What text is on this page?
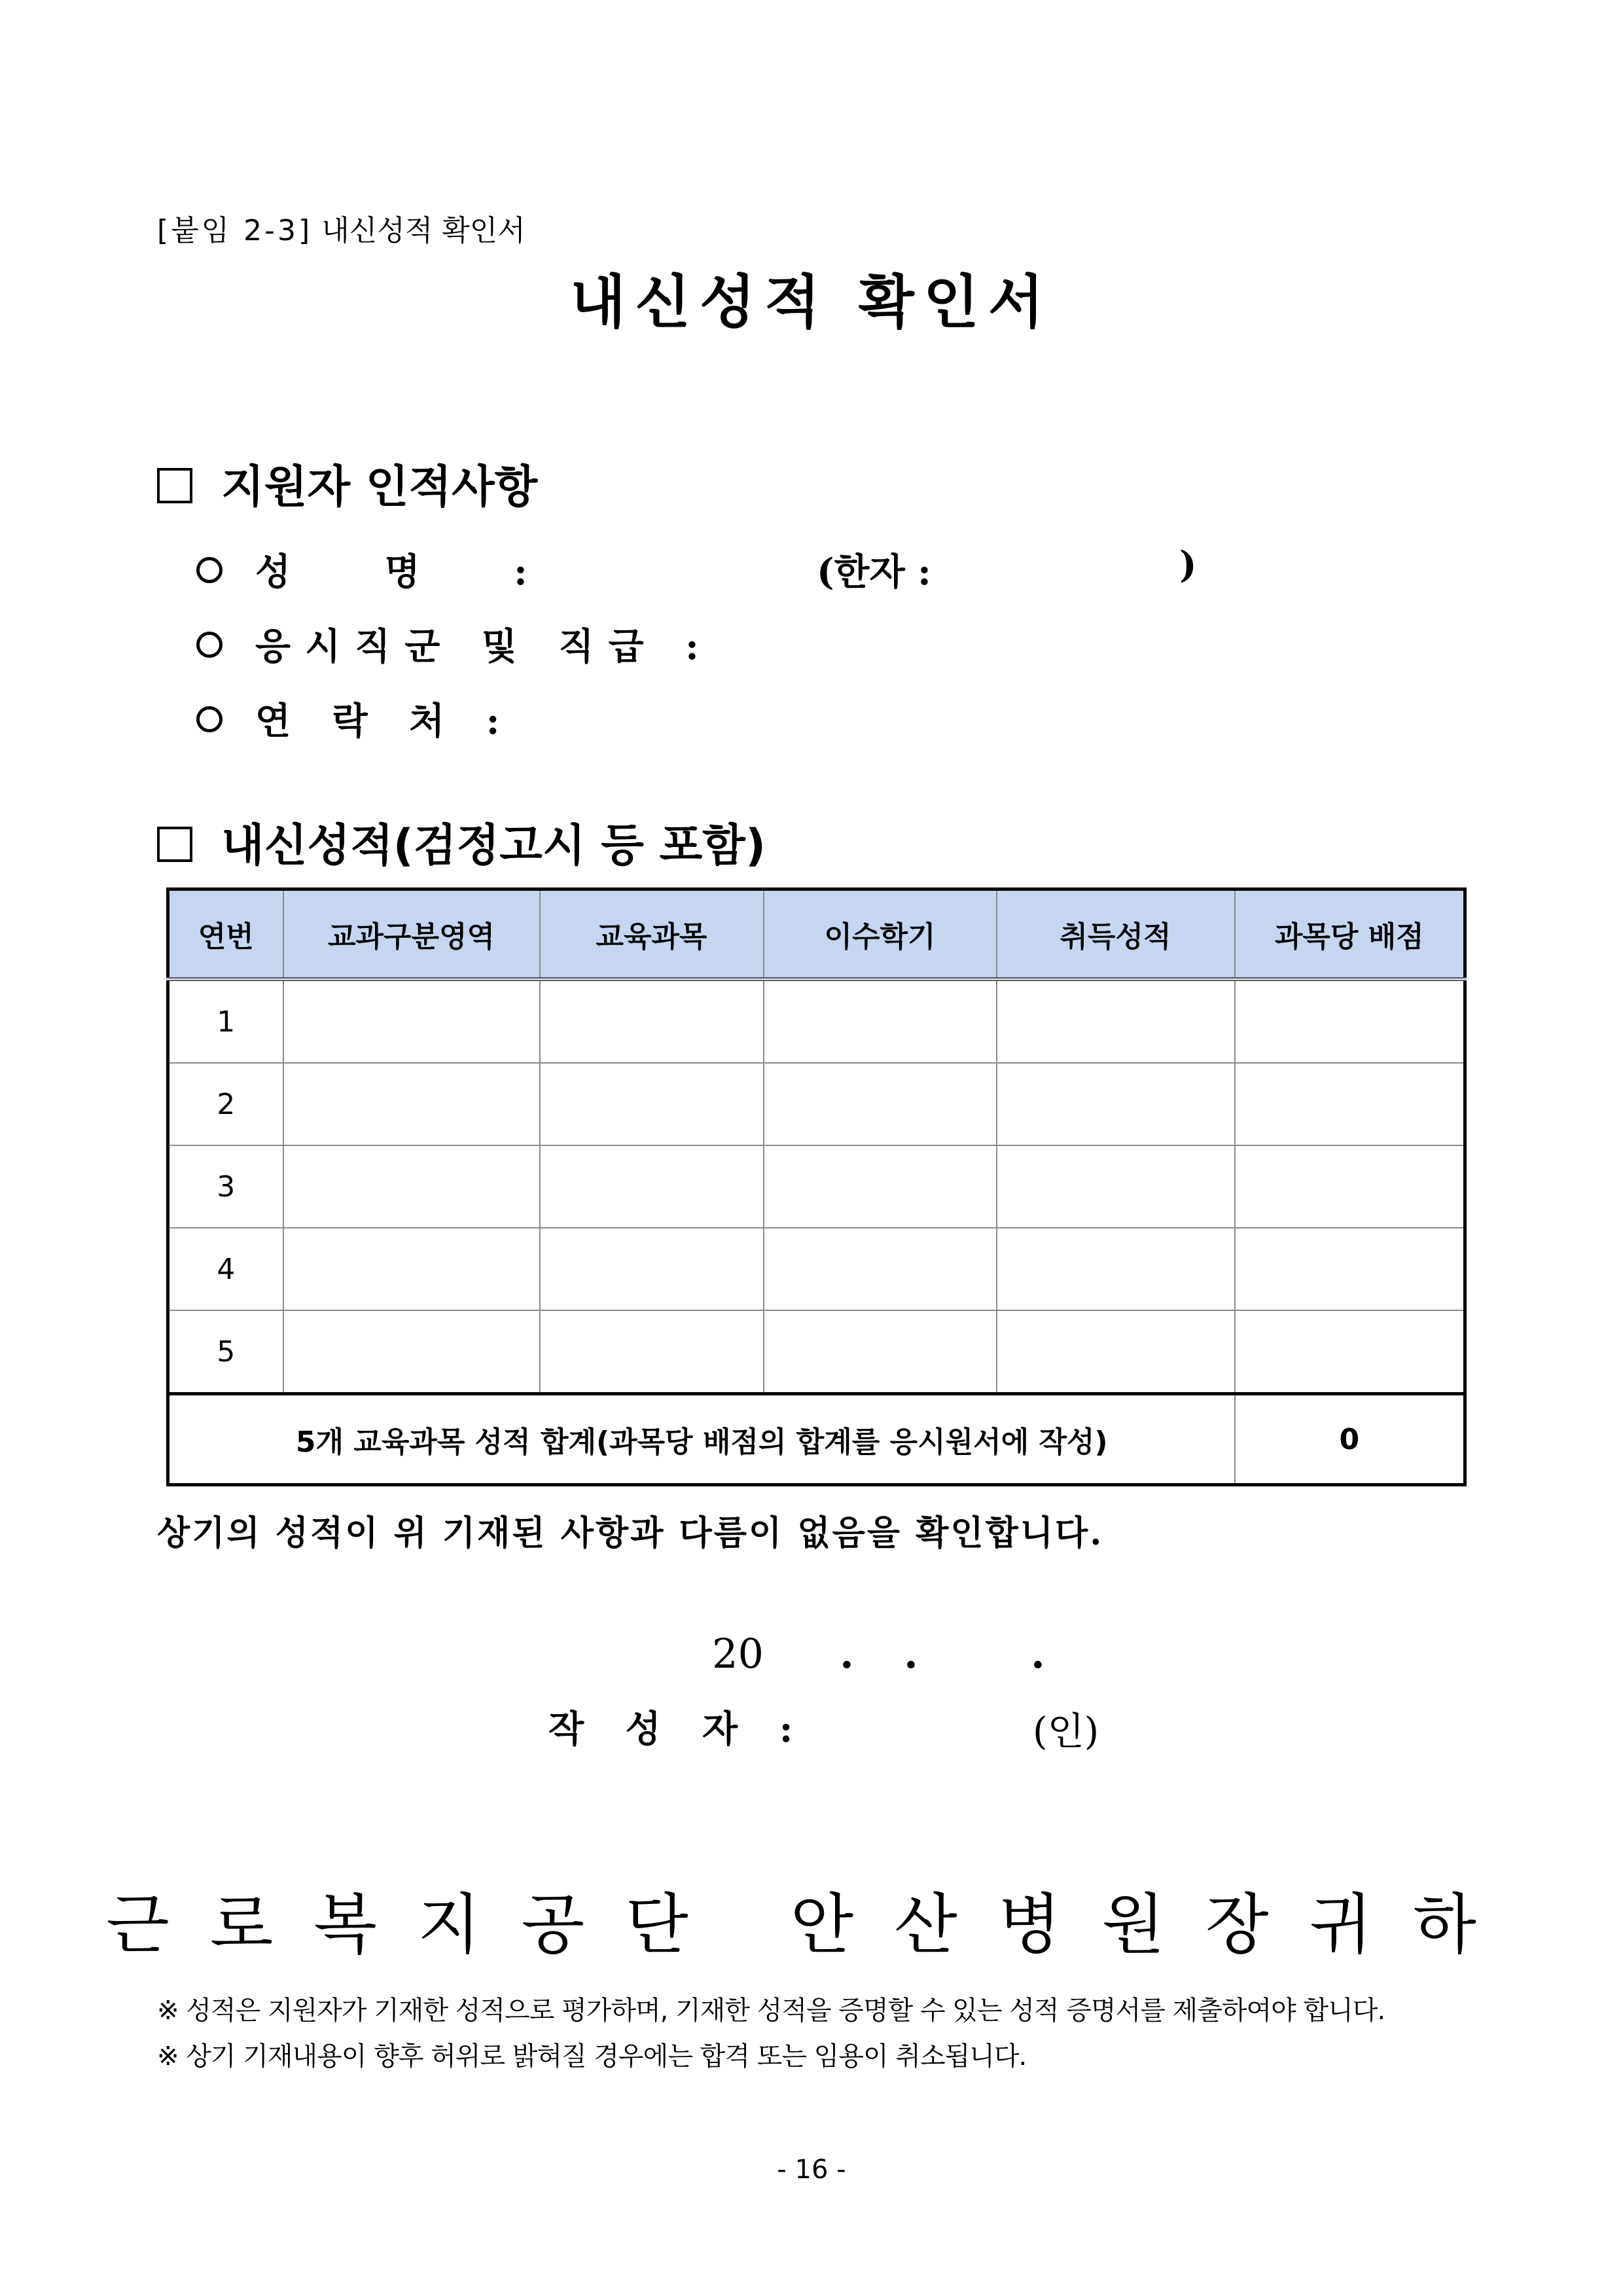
[붙임 2-3] 내신성적 확인서
내신성적 확인서
지원자 인적사항
성 명 :	(한자 :	)
응시직군 및 직급 :
연 락 처 :
내신성적(검정고시 등 포함)
연번	교과구분영역	교육과목	이수학기	취득성적	과목당 배점
1					
2					
3					
4					
5					
5개 교육과목 성적 합계(과목당 배점의 합계를 응시원서에 작성)					0
상기의 성적이 위 기재된 사항과 다름이 없음을 확인합니다.
20 . .	.
작 성 자 :	(인)
근로복지공단 안산병원장귀하
※ 성적은 지원자가 기재한 성적으로 평가하며, 기재한 성적을 증명할 수 있는 성적 증명서를 제출하여야 합니다.
※ 상기 기재내용이 향후 허위로 밝혀질 경우에는 합격 또는 임용이 취소됩니다.
- 16 -
